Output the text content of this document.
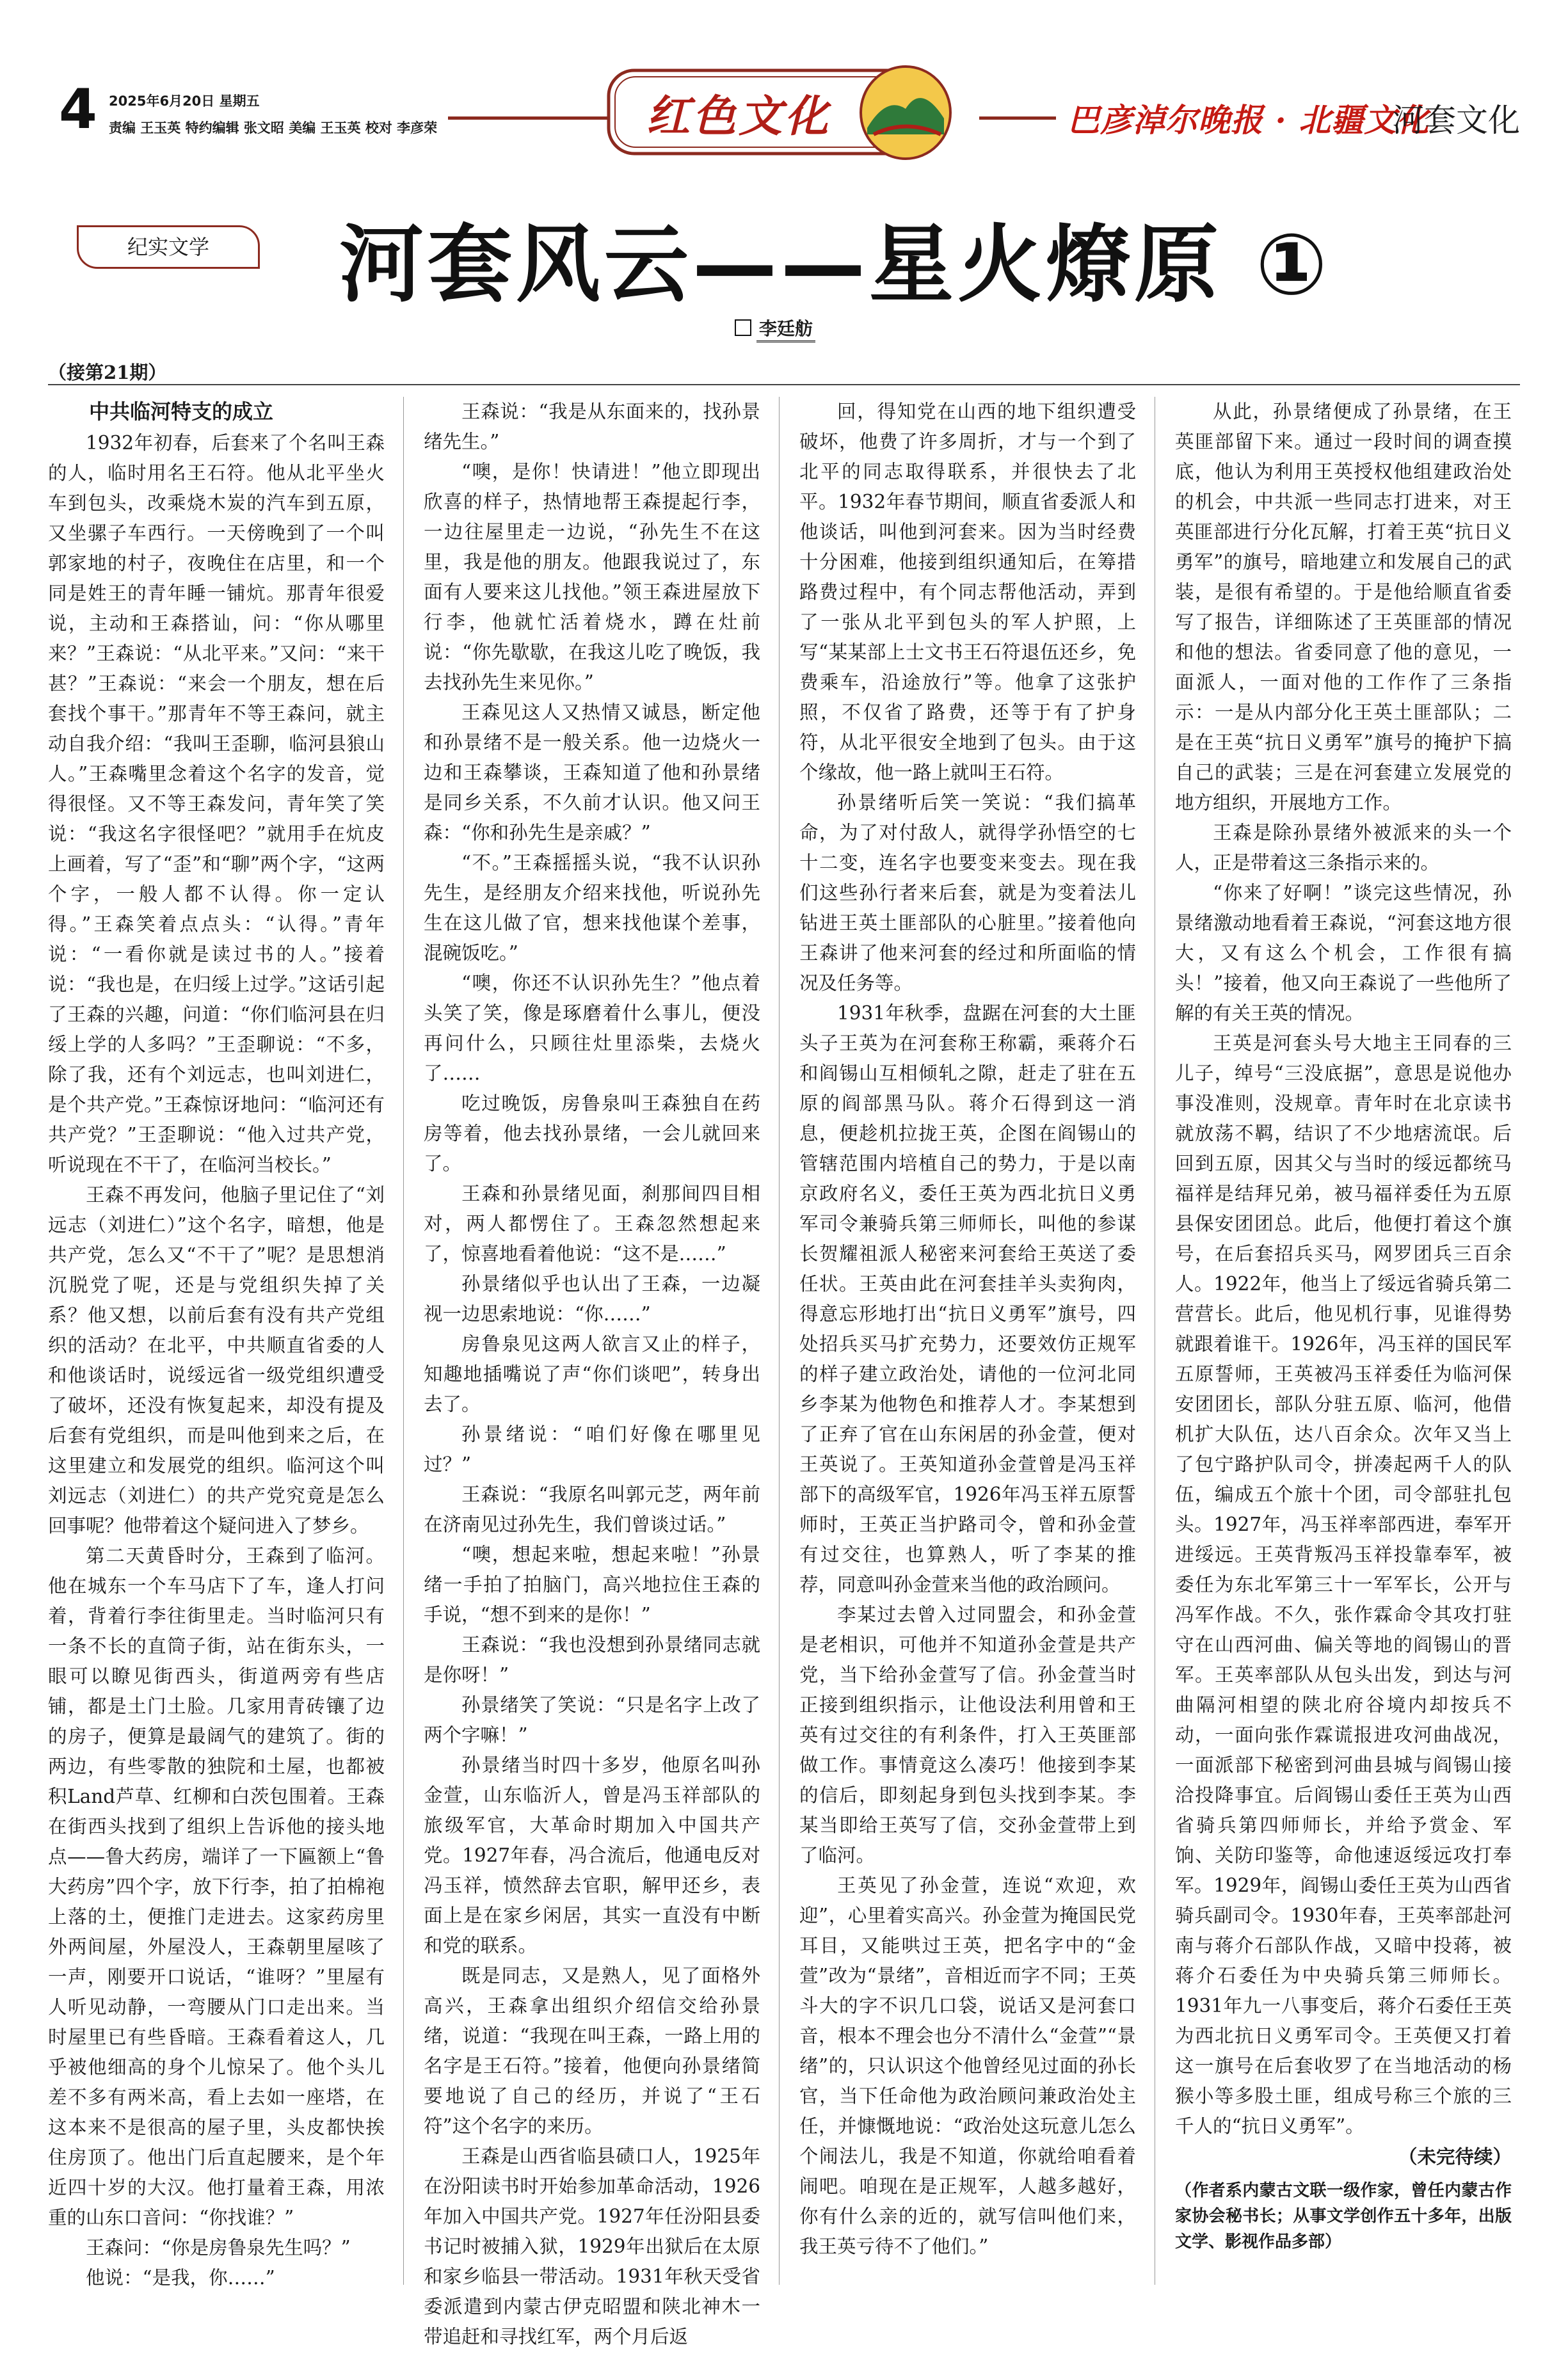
4 2025年6月20日 星期五
责编 王玉英 特约编辑 张文昭 美编 王玉英 校对 李彦荣	红色文化	巴彦淖尔晚报 · 北疆文化
河套文化
纪实文学	河套风云——星火燎原 ①
李廷舫
（接第21期）
中共临河特支的成立

1932年初春，后套来了个名叫王森的人，临时用名王石符。他从北平坐火车到包头，改乘烧木炭的汽车到五原，又坐骡子车西行。一天傍晚到了一个叫郭家地的村子，夜晚住在店里，和一个同是姓王的青年睡一铺炕。那青年很爱说，主动和王森搭讪，问：“你从哪里来？”王森说：“从北平来。”又问：“来干甚？”王森说：“来会一个朋友，想在后套找个事干。”那青年不等王森问，就主动自我介绍：“我叫王歪聊，临河县狼山人。”王森嘴里念着这个名字的发音，觉得很怪。又不等王森发问，青年笑了笑说：“我这名字很怪吧？”就用手在炕皮上画着，写了“歪”和“聊”两个字，“这两个字，一般人都不认得。你一定认得。”王森笑着点点头：“认得。”青年说：“一看你就是读过书的人。”接着说：“我也是，在归绥上过学。”这话引起了王森的兴趣，问道：“你们临河县在归绥上学的人多吗？”王歪聊说：“不多，除了我，还有个刘远志，也叫刘进仁，是个共产党。”王森惊讶地问：“临河还有共产党？”王歪聊说：“他入过共产党，听说现在不干了，在临河当校长。”

王森不再发问，他脑子里记住了“刘远志（刘进仁）”这个名字，暗想，他是共产党，怎么又“不干了”呢？是思想消沉脱党了呢，还是与党组织失掉了关系？他又想，以前后套有没有共产党组织的活动？在北平，中共顺直省委的人和他谈话时，说绥远省一级党组织遭受了破坏，还没有恢复起来，却没有提及后套有党组织，而是叫他到来之后，在这里建立和发展党的组织。临河这个叫刘远志（刘进仁）的共产党究竟是怎么回事呢？他带着这个疑问进入了梦乡。

第二天黄昏时分，王森到了临河。他在城东一个车马店下了车，逢人打问着，背着行李往街里走。当时临河只有一条不长的直筒子街，站在街东头，一眼可以瞭见街西头，街道两旁有些店铺，都是土门土脸。几家用青砖镶了边的房子，便算是最阔气的建筑了。街的两边，有些零散的独院和土屋，也都被积Land芦草、红柳和白茨包围着。王森在街西头找到了组织上告诉他的接头地点——鲁大药房，端详了一下匾额上“鲁大药房”四个字，放下行李，拍了拍棉袍上落的土，便推门走进去。这家药房里外两间屋，外屋没人，王森朝里屋咳了一声，刚要开口说话，“谁呀？”里屋有人听见动静，一弯腰从门口走出来。当时屋里已有些昏暗。王森看着这人，几乎被他细高的身个儿惊呆了。他个头儿差不多有两米高，看上去如一座塔，在这本来不是很高的屋子里，头皮都快挨住房顶了。他出门后直起腰来，是个年近四十岁的大汉。他打量着王森，用浓重的山东口音问：“你找谁？”

王森问：“你是房鲁泉先生吗？”

他说：“是我，你……”

王森说：“我是从东面来的，找孙景绪先生。”

“噢，是你！快请进！”他立即现出欣喜的样子，热情地帮王森提起行李，一边往屋里走一边说，“孙先生不在这里，我是他的朋友。他跟我说过了，东面有人要来这儿找他。”领王森进屋放下行李，他就忙活着烧水，蹲在灶前说：“你先歇歇，在我这儿吃了晚饭，我去找孙先生来见你。”

王森见这人又热情又诚恳，断定他和孙景绪不是一般关系。他一边烧火一边和王森攀谈，王森知道了他和孙景绪是同乡关系，不久前才认识。他又问王森：“你和孙先生是亲戚？”

“不。”王森摇摇头说，“我不认识孙先生，是经朋友介绍来找他，听说孙先生在这儿做了官，想来找他谋个差事，混碗饭吃。”

“噢，你还不认识孙先生？”他点着头笑了笑，像是琢磨着什么事儿，便没再问什么，只顾往灶里添柴，去烧火了……

吃过晚饭，房鲁泉叫王森独自在药房等着，他去找孙景绪，一会儿就回来了。

王森和孙景绪见面，刹那间四目相对，两人都愣住了。王森忽然想起来了，惊喜地看着他说：“这不是……”

孙景绪似乎也认出了王森，一边凝视一边思索地说：“你……”

房鲁泉见这两人欲言又止的样子，知趣地插嘴说了声“你们谈吧”，转身出去了。

孙景绪说：“咱们好像在哪里见过？”

王森说：“我原名叫郭元芝，两年前在济南见过孙先生，我们曾谈过话。”

“噢，想起来啦，想起来啦！”孙景绪一手拍了拍脑门，高兴地拉住王森的手说，“想不到来的是你！”

王森说：“我也没想到孙景绪同志就是你呀！”

孙景绪笑了笑说：“只是名字上改了两个字嘛！”

孙景绪当时四十多岁，他原名叫孙金萱，山东临沂人，曾是冯玉祥部队的旅级军官，大革命时期加入中国共产党。1927年春，冯合流后，他通电反对冯玉祥，愤然辞去官职，解甲还乡，表面上是在家乡闲居，其实一直没有中断和党的联系。

既是同志，又是熟人，见了面格外高兴，王森拿出组织介绍信交给孙景绪，说道：“我现在叫王森，一路上用的名字是王石符。”接着，他便向孙景绪简要地说了自己的经历，并说了“王石符”这个名字的来历。

王森是山西省临县碛口人，1925年在汾阳读书时开始参加革命活动，1926年加入中国共产党。1927年任汾阳县委书记时被捕入狱，1929年出狱后在太原和家乡临县一带活动。1931年秋天受省委派遣到内蒙古伊克昭盟和陕北神木一带追赶和寻找红军，两个月后返

回，得知党在山西的地下组织遭受破坏，他费了许多周折，才与一个到了北平的同志取得联系，并很快去了北平。1932年春节期间，顺直省委派人和他谈话，叫他到河套来。因为当时经费十分困难，他接到组织通知后，在筹措路费过程中，有个同志帮他活动，弄到了一张从北平到包头的军人护照，上写“某某部上士文书王石符退伍还乡，免费乘车，沿途放行”等。他拿了这张护照，不仅省了路费，还等于有了护身符，从北平很安全地到了包头。由于这个缘故，他一路上就叫王石符。

孙景绪听后笑一笑说：“我们搞革命，为了对付敌人，就得学孙悟空的七十二变，连名字也要变来变去。现在我们这些孙行者来后套，就是为变着法儿钻进王英土匪部队的心脏里。”接着他向王森讲了他来河套的经过和所面临的情况及任务等。

1931年秋季，盘踞在河套的大土匪头子王英为在河套称王称霸，乘蒋介石和阎锡山互相倾轧之隙，赶走了驻在五原的阎部黑马队。蒋介石得到这一消息，便趁机拉拢王英，企图在阎锡山的管辖范围内培植自己的势力，于是以南京政府名义，委任王英为西北抗日义勇军司令兼骑兵第三师师长，叫他的参谋长贺耀祖派人秘密来河套给王英送了委任状。王英由此在河套挂羊头卖狗肉，得意忘形地打出“抗日义勇军”旗号，四处招兵买马扩充势力，还要效仿正规军的样子建立政治处，请他的一位河北同乡李某为他物色和推荐人才。李某想到了正弃了官在山东闲居的孙金萱，便对王英说了。王英知道孙金萱曾是冯玉祥部下的高级军官，1926年冯玉祥五原誓师时，王英正当护路司令，曾和孙金萱有过交往，也算熟人，听了李某的推荐，同意叫孙金萱来当他的政治顾问。

李某过去曾入过同盟会，和孙金萱是老相识，可他并不知道孙金萱是共产党，当下给孙金萱写了信。孙金萱当时正接到组织指示，让他设法利用曾和王英有过交往的有利条件，打入王英匪部做工作。事情竟这么凑巧！他接到李某的信后，即刻起身到包头找到李某。李某当即给王英写了信，交孙金萱带上到了临河。

王英见了孙金萱，连说“欢迎，欢迎”，心里着实高兴。孙金萱为掩国民党耳目，又能哄过王英，把名字中的“金萱”改为“景绪”，音相近而字不同；王英斗大的字不识几口袋，说话又是河套口音，根本不理会也分不清什么“金萱”“景绪”的，只认识这个他曾经见过面的孙长官，当下任命他为政治顾问兼政治处主任，并慷慨地说：“政治处这玩意儿怎么个闹法儿，我是不知道，你就给咱看着闹吧。咱现在是正规军，人越多越好，你有什么亲的近的，就写信叫他们来，我王英亏待不了他们。”

从此，孙景绪便成了孙景绪，在王英匪部留下来。通过一段时间的调查摸底，他认为利用王英授权他组建政治处的机会，中共派一些同志打进来，对王英匪部进行分化瓦解，打着王英“抗日义勇军”的旗号，暗地建立和发展自己的武装，是很有希望的。于是他给顺直省委写了报告，详细陈述了王英匪部的情况和他的想法。省委同意了他的意见，一面派人，一面对他的工作作了三条指示：一是从内部分化王英土匪部队；二是在王英“抗日义勇军”旗号的掩护下搞自己的武装；三是在河套建立发展党的地方组织，开展地方工作。

王森是除孙景绪外被派来的头一个人，正是带着这三条指示来的。

“你来了好啊！”谈完这些情况，孙景绪激动地看着王森说，“河套这地方很大，又有这么个机会，工作很有搞头！”接着，他又向王森说了一些他所了解的有关王英的情况。

王英是河套头号大地主王同春的三儿子，绰号“三没底据”，意思是说他办事没准则，没规章。青年时在北京读书就放荡不羁，结识了不少地痞流氓。后回到五原，因其父与当时的绥远都统马福祥是结拜兄弟，被马福祥委任为五原县保安团团总。此后，他便打着这个旗号，在后套招兵买马，网罗团兵三百余人。1922年，他当上了绥远省骑兵第二营营长。此后，他见机行事，见谁得势就跟着谁干。1926年，冯玉祥的国民军五原誓师，王英被冯玉祥委任为临河保安团团长，部队分驻五原、临河，他借机扩大队伍，达八百余众。次年又当上了包宁路护队司令，拼凑起两千人的队伍，编成五个旅十个团，司令部驻扎包头。1927年，冯玉祥率部西进，奉军开进绥远。王英背叛冯玉祥投靠奉军，被委任为东北军第三十一军军长，公开与冯军作战。不久，张作霖命令其攻打驻守在山西河曲、偏关等地的阎锡山的晋军。王英率部队从包头出发，到达与河曲隔河相望的陕北府谷境内却按兵不动，一面向张作霖谎报进攻河曲战况，一面派部下秘密到河曲县城与阎锡山接洽投降事宜。后阎锡山委任王英为山西省骑兵第四师师长，并给予赏金、军饷、关防印鉴等，命他速返绥远攻打奉军。1929年，阎锡山委任王英为山西省骑兵副司令。1930年春，王英率部赴河南与蒋介石部队作战，又暗中投蒋，被蒋介石委任为中央骑兵第三师师长。1931年九一八事变后，蒋介石委任王英为西北抗日义勇军司令。王英便又打着这一旗号在后套收罗了在当地活动的杨猴小等多股土匪，组成号称三个旅的三千人的“抗日义勇军”。

（未完待续）

（作者系内蒙古文联一级作家，曾任内蒙古作家协会秘书长；从事文学创作五十多年，出版文学、影视作品多部）
